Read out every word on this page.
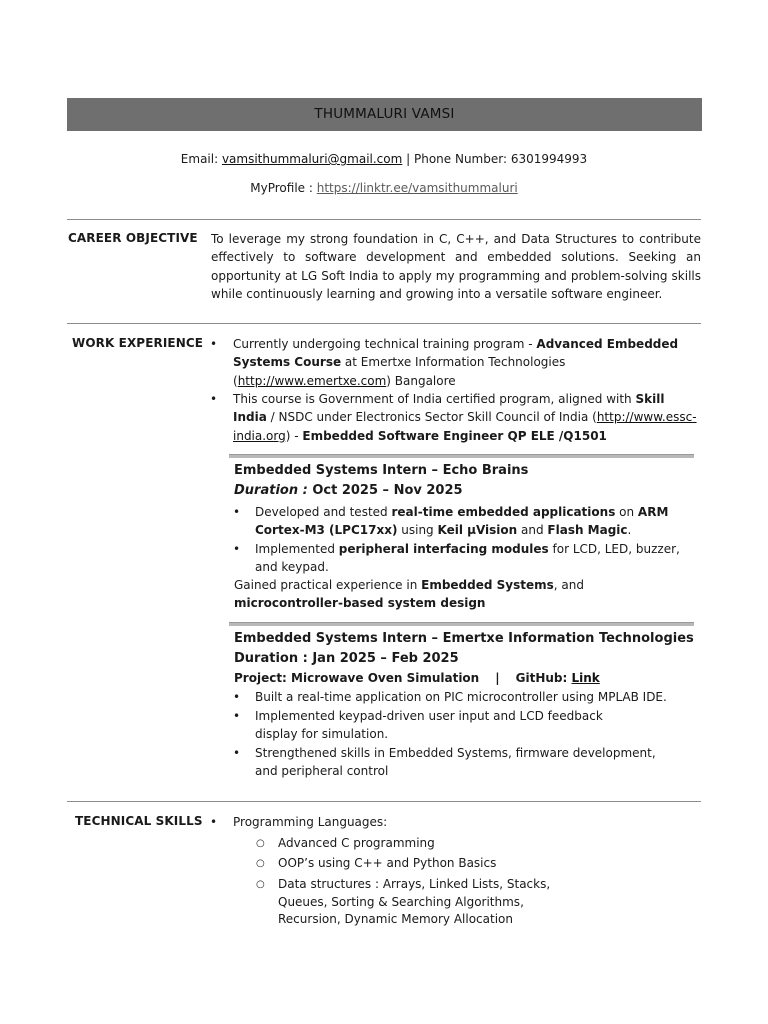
THUMMALURI VAMSI
Email: vamsithummaluri@gmail.com | Phone Number: 6301994993
MyProfile : https://linktr.ee/vamsithummaluri
CAREER OBJECTIVE To leverage my strong foundation in C, C++, and Data Structures to contribute effectively to software development and embedded solutions. Seeking an opportunity at LG Soft India to apply my programming and problem-solving skills while continuously learning and growing into a versatile software engineer.
WORK EXPERIENCE • Currently undergoing technical training program - Advanced Embedded Systems Course at Emertxe Information Technologies (http://www.emertxe.com) Bangalore
• This course is Government of India certified program, aligned with Skill India / NSDC under Electronics Sector Skill Council of India (http://www.essc-india.org) - Embedded Software Engineer QP ELE /Q1501
Embedded Systems Intern – Echo Brains
Duration : Oct 2025 – Nov 2025
• Developed and tested real-time embedded applications on ARM Cortex-M3 (LPC17xx) using Keil µVision and Flash Magic.
• Implemented peripheral interfacing modules for LCD, LED, buzzer, and keypad.
Gained practical experience in Embedded Systems, and microcontroller-based system design
Embedded Systems Intern – Emertxe Information Technologies
Duration : Jan 2025 – Feb 2025
Project: Microwave Oven Simulation | GitHub: Link
• Built a real-time application on PIC microcontroller using MPLAB IDE.
• Implemented keypad-driven user input and LCD feedback display for simulation.
• Strengthened skills in Embedded Systems, firmware development, and peripheral control
TECHNICAL SKILLS • Programming Languages:
○ Advanced C programming
○ OOP’s using C++ and Python Basics
○ Data structures : Arrays, Linked Lists, Stacks, Queues, Sorting & Searching Algorithms, Recursion, Dynamic Memory Allocation
